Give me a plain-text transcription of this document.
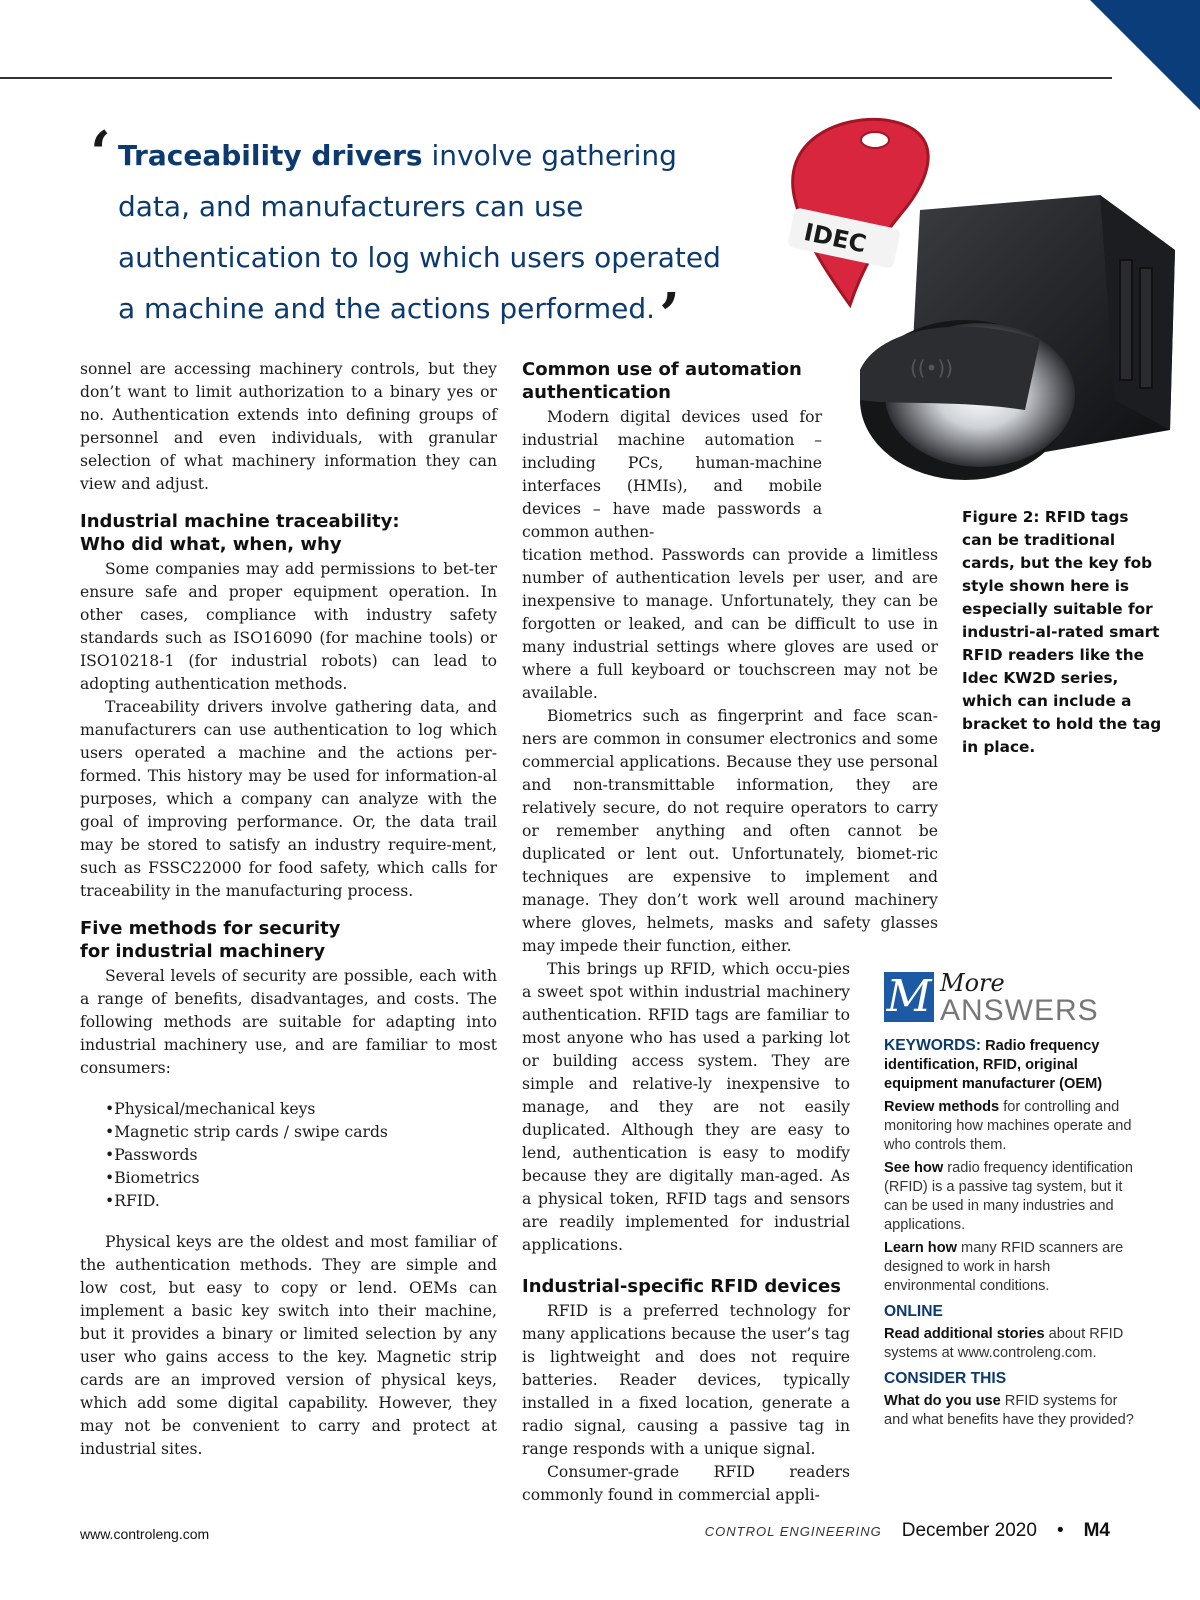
‘ Traceability drivers involve gathering data, and manufacturers can use authentication to log which users operated a machine and the actions performed.’

((•))
IDEC
Figure 2: RFID tags can be traditional cards, but the key fob style shown here is especially suitable for industri-al-rated smart RFID readers like the Idec KW2D series, which can include a bracket to hold the tag in place.

sonnel are accessing machinery controls, but they don’t want to limit authorization to a binary yes or no. Authentication extends into defining groups of personnel and even individuals, with granular selection of what machinery information they can view and adjust.

Industrial machine traceability:
Who did what, when, why

Some companies may add permissions to bet-ter ensure safe and proper equipment operation. In other cases, compliance with industry safety standards such as ISO16090 (for machine tools) or ISO10218-1 (for industrial robots) can lead to adopting authentication methods.

Traceability drivers involve gathering data, and manufacturers can use authentication to log which users operated a machine and the actions per-formed. This history may be used for information-al purposes, which a company can analyze with the goal of improving performance. Or, the data trail may be stored to satisfy an industry require-ment, such as FSSC22000 for food safety, which calls for traceability in the manufacturing process.

Five methods for security
for industrial machinery

Several levels of security are possible, each with a range of benefits, disadvantages, and costs. The following methods are suitable for adapting into industrial machinery use, and are familiar to most consumers:

• Physical/mechanical keys
• Magnetic strip cards / swipe cards
• Passwords
• Biometrics
• RFID.

Physical keys are the oldest and most familiar of the authentication methods. They are simple and low cost, but easy to copy or lend. OEMs can implement a basic key switch into their machine, but it provides a binary or limited selection by any user who gains access to the key. Magnetic strip cards are an improved version of physical keys, which add some digital capability. However, they may not be convenient to carry and protect at industrial sites.

Common use of automation
authentication

Modern digital devices used for industrial machine automation – including PCs, human-machine interfaces (HMIs), and mobile devices – have made passwords a common authen-

tication method. Passwords can provide a limitless number of authentication levels per user, and are inexpensive to manage. Unfortunately, they can be forgotten or leaked, and can be difficult to use in many industrial settings where gloves are used or where a full keyboard or touchscreen may not be available.

Biometrics such as fingerprint and face scan-ners are common in consumer electronics and some commercial applications. Because they use personal and non-transmittable information, they are relatively secure, do not require operators to carry or remember anything and often cannot be duplicated or lent out. Unfortunately, biomet-ric techniques are expensive to implement and manage. They don’t work well around machinery where gloves, helmets, masks and safety glasses may impede their function, either.

This brings up RFID, which occu-pies a sweet spot within industrial machinery authentication. RFID tags are familiar to most anyone who has used a parking lot or building access system. They are simple and relative-ly inexpensive to manage, and they are not easily duplicated. Although they are easy to lend, authentication is easy to modify because they are digitally man-aged. As a physical token, RFID tags and sensors are readily implemented for industrial applications.

Industrial-specific RFID devices

RFID is a preferred technology for many applications because the user’s tag is lightweight and does not require batteries. Reader devices, typically installed in a fixed location, generate a radio signal, causing a passive tag in range responds with a unique signal.

Consumer-grade RFID readers commonly found in commercial appli-

M More
ANSWERS

KEYWORDS: Radio frequency identification, RFID, original equipment manufacturer (OEM)

Review methods for controlling and monitoring how machines operate and who controls them.

See how radio frequency identification (RFID) is a passive tag system, but it can be used in many industries and applications.

Learn how many RFID scanners are designed to work in harsh environmental conditions.

ONLINE

Read additional stories about RFID systems at www.controleng.com.

CONSIDER THIS

What do you use RFID systems for and what benefits have they provided?

www.controleng.com	CONTROL ENGINEERING December 2020 • M4
